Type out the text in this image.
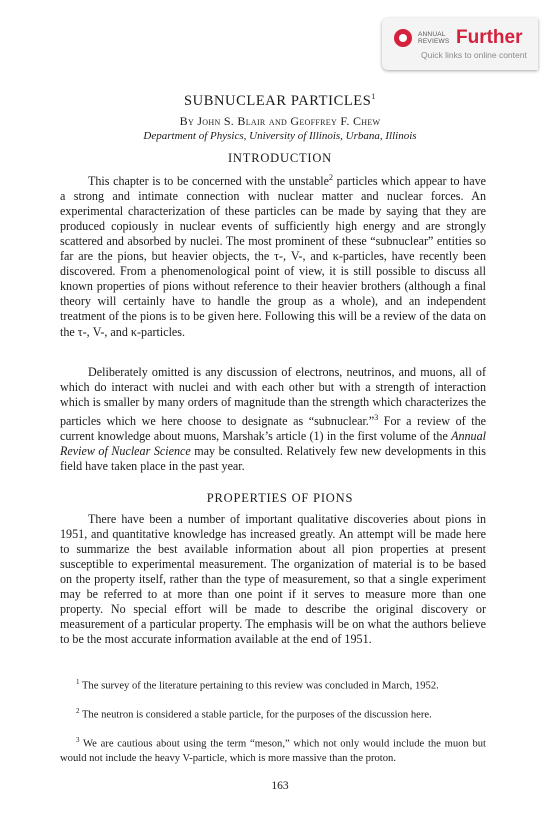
ANNUAL REVIEWS Further
Quick links to online content
SUBNUCLEAR PARTICLES$^1$
By John S. Blair and Geoffrey F. Chew
Department of Physics, University of Illinois, Urbana, Illinois
INTRODUCTION

This chapter is to be concerned with the unstable$^2$ particles which appear to have a strong and intimate connection with nuclear matter and nuclear forces. An experimental characterization of these particles can be made by saying that they are produced copiously in nuclear events of sufficiently high energy and are strongly scattered and absorbed by nuclei. The most prominent of these “subnuclear” entities so far are the pions, but heavier objects, the τ-, V-, and κ-particles, have recently been discovered. From a phenomenological point of view, it is still possible to discuss all known properties of pions without reference to their heavier brothers (although a final theory will certainly have to handle the group as a whole), and an independent treatment of the pions is to be given here. Following this will be a review of the data on the τ-, V-, and κ-particles.

Deliberately omitted is any discussion of electrons, neutrinos, and muons, all of which do interact with nuclei and with each other but with a strength of interaction which is smaller by many orders of magnitude than the strength which characterizes the particles which we here choose to designate as “subnuclear.”$^3$ For a review of the current knowledge about muons, Marshak’s article (1) in the first volume of the Annual Review of Nuclear Science may be consulted. Relatively few new developments in this field have taken place in the past year.

PROPERTIES OF PIONS

There have been a number of important qualitative discoveries about pions in 1951, and quantitative knowledge has increased greatly. An attempt will be made here to summarize the best available information about all pion properties at present susceptible to experimental measurement. The organization of material is to be based on the property itself, rather than the type of measurement, so that a single experiment may be referred to at more than one point if it serves to measure more than one property. No special effort will be made to describe the original discovery or measurement of a particular property. The emphasis will be on what the authors believe to be the most accurate information available at the end of 1951.

$^1$ The survey of the literature pertaining to this review was concluded in March, 1952.

$^2$ The neutron is considered a stable particle, for the purposes of the discussion here.

$^3$ We are cautious about using the term “meson,” which not only would include the muon but would not include the heavy V-particle, which is more massive than the proton.

163
